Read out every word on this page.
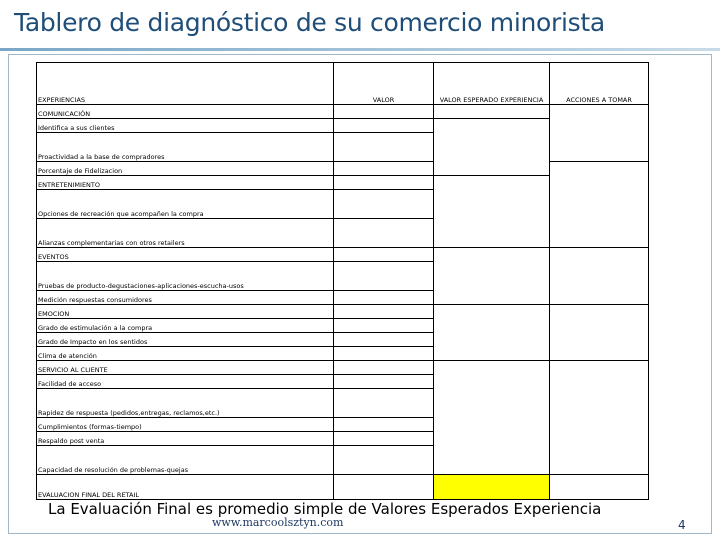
Tablero de diagnóstico de su comercio minorista
EXPERIENCIAS	VALOR	VALOR ESPERADO EXPERIENCIA	ACCIONES A TOMAR
COMUNICACIÓN			
Identifica a sus clientes			
Proactividad a la base de compradores			
Porcentaje de Fidelizacion			
ENTRETENIMIENTO			
Opciones de recreación que acompañen la compra			
Alianzas complementarias con otros retailers			
EVENTOS			
Pruebas de producto-degustaciones-aplicaciones-escucha-usos			
Medición respuestas consumidores			
EMOCION			
Grado de estimulación a la compra			
Grado de Impacto en los sentidos			
Clima de atención			
SERVICIO AL CLIENTE			
Facilidad de acceso			
Rapidez de respuesta (pedidos,entregas, reclamos,etc.)			
Cumplimientos (formas-tiempo)			
Respaldo post venta			
Capacidad de resolución de problemas-quejas			
EVALUACION FINAL DEL RETAIL			
La Evaluación Final es promedio simple de Valores Esperados Experiencia
www.marcoolsztyn.com	4
